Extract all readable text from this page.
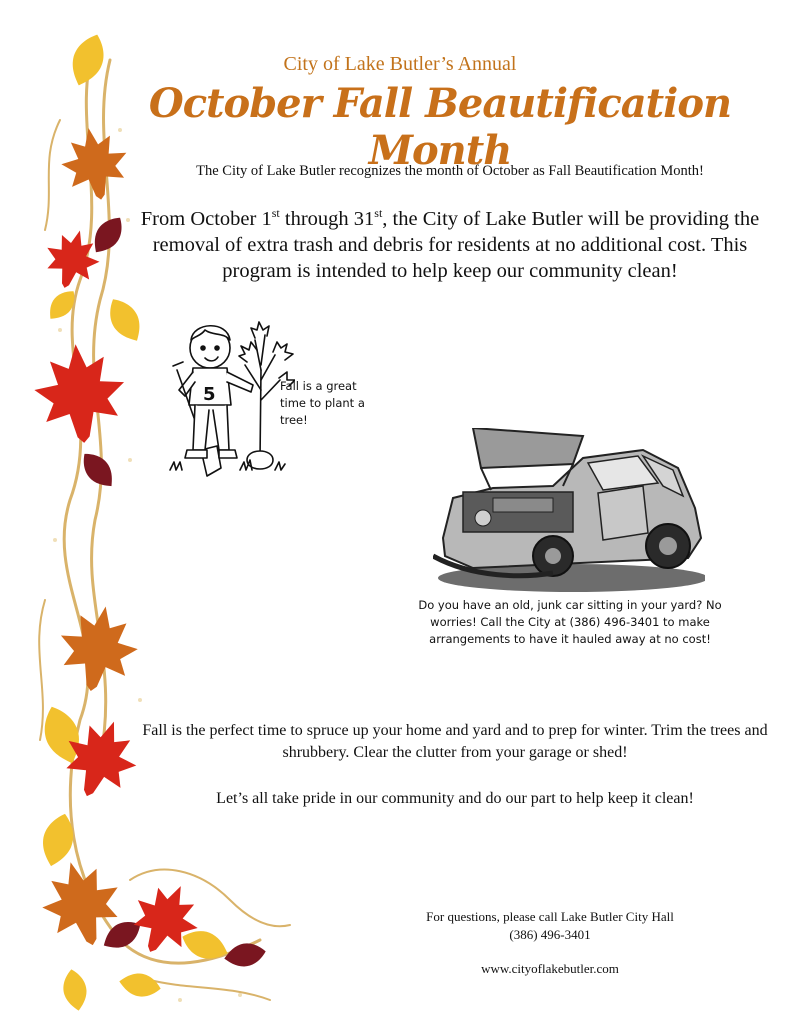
City of Lake Butler’s Annual
October Fall Beautification Month
The City of Lake Butler recognizes the month of October as Fall Beautification Month!
From October 1st through 31st, the City of Lake Butler will be providing the removal of extra trash and debris for residents at no additional cost. This program is intended to help keep our community clean!
5	Fall is a great time to plant a tree!
Do you have an old, junk car sitting in your yard? No worries! Call the City at (386) 496-3401 to make arrangements to have it hauled away at no cost!
Fall is the perfect time to spruce up your home and yard and to prep for winter. Trim the trees and shrubbery. Clear the clutter from your garage or shed!
Let’s all take pride in our community and do our part to help keep it clean!
For questions, please call Lake Butler City Hall
(386) 496-3401
www.cityoflakebutler.com
